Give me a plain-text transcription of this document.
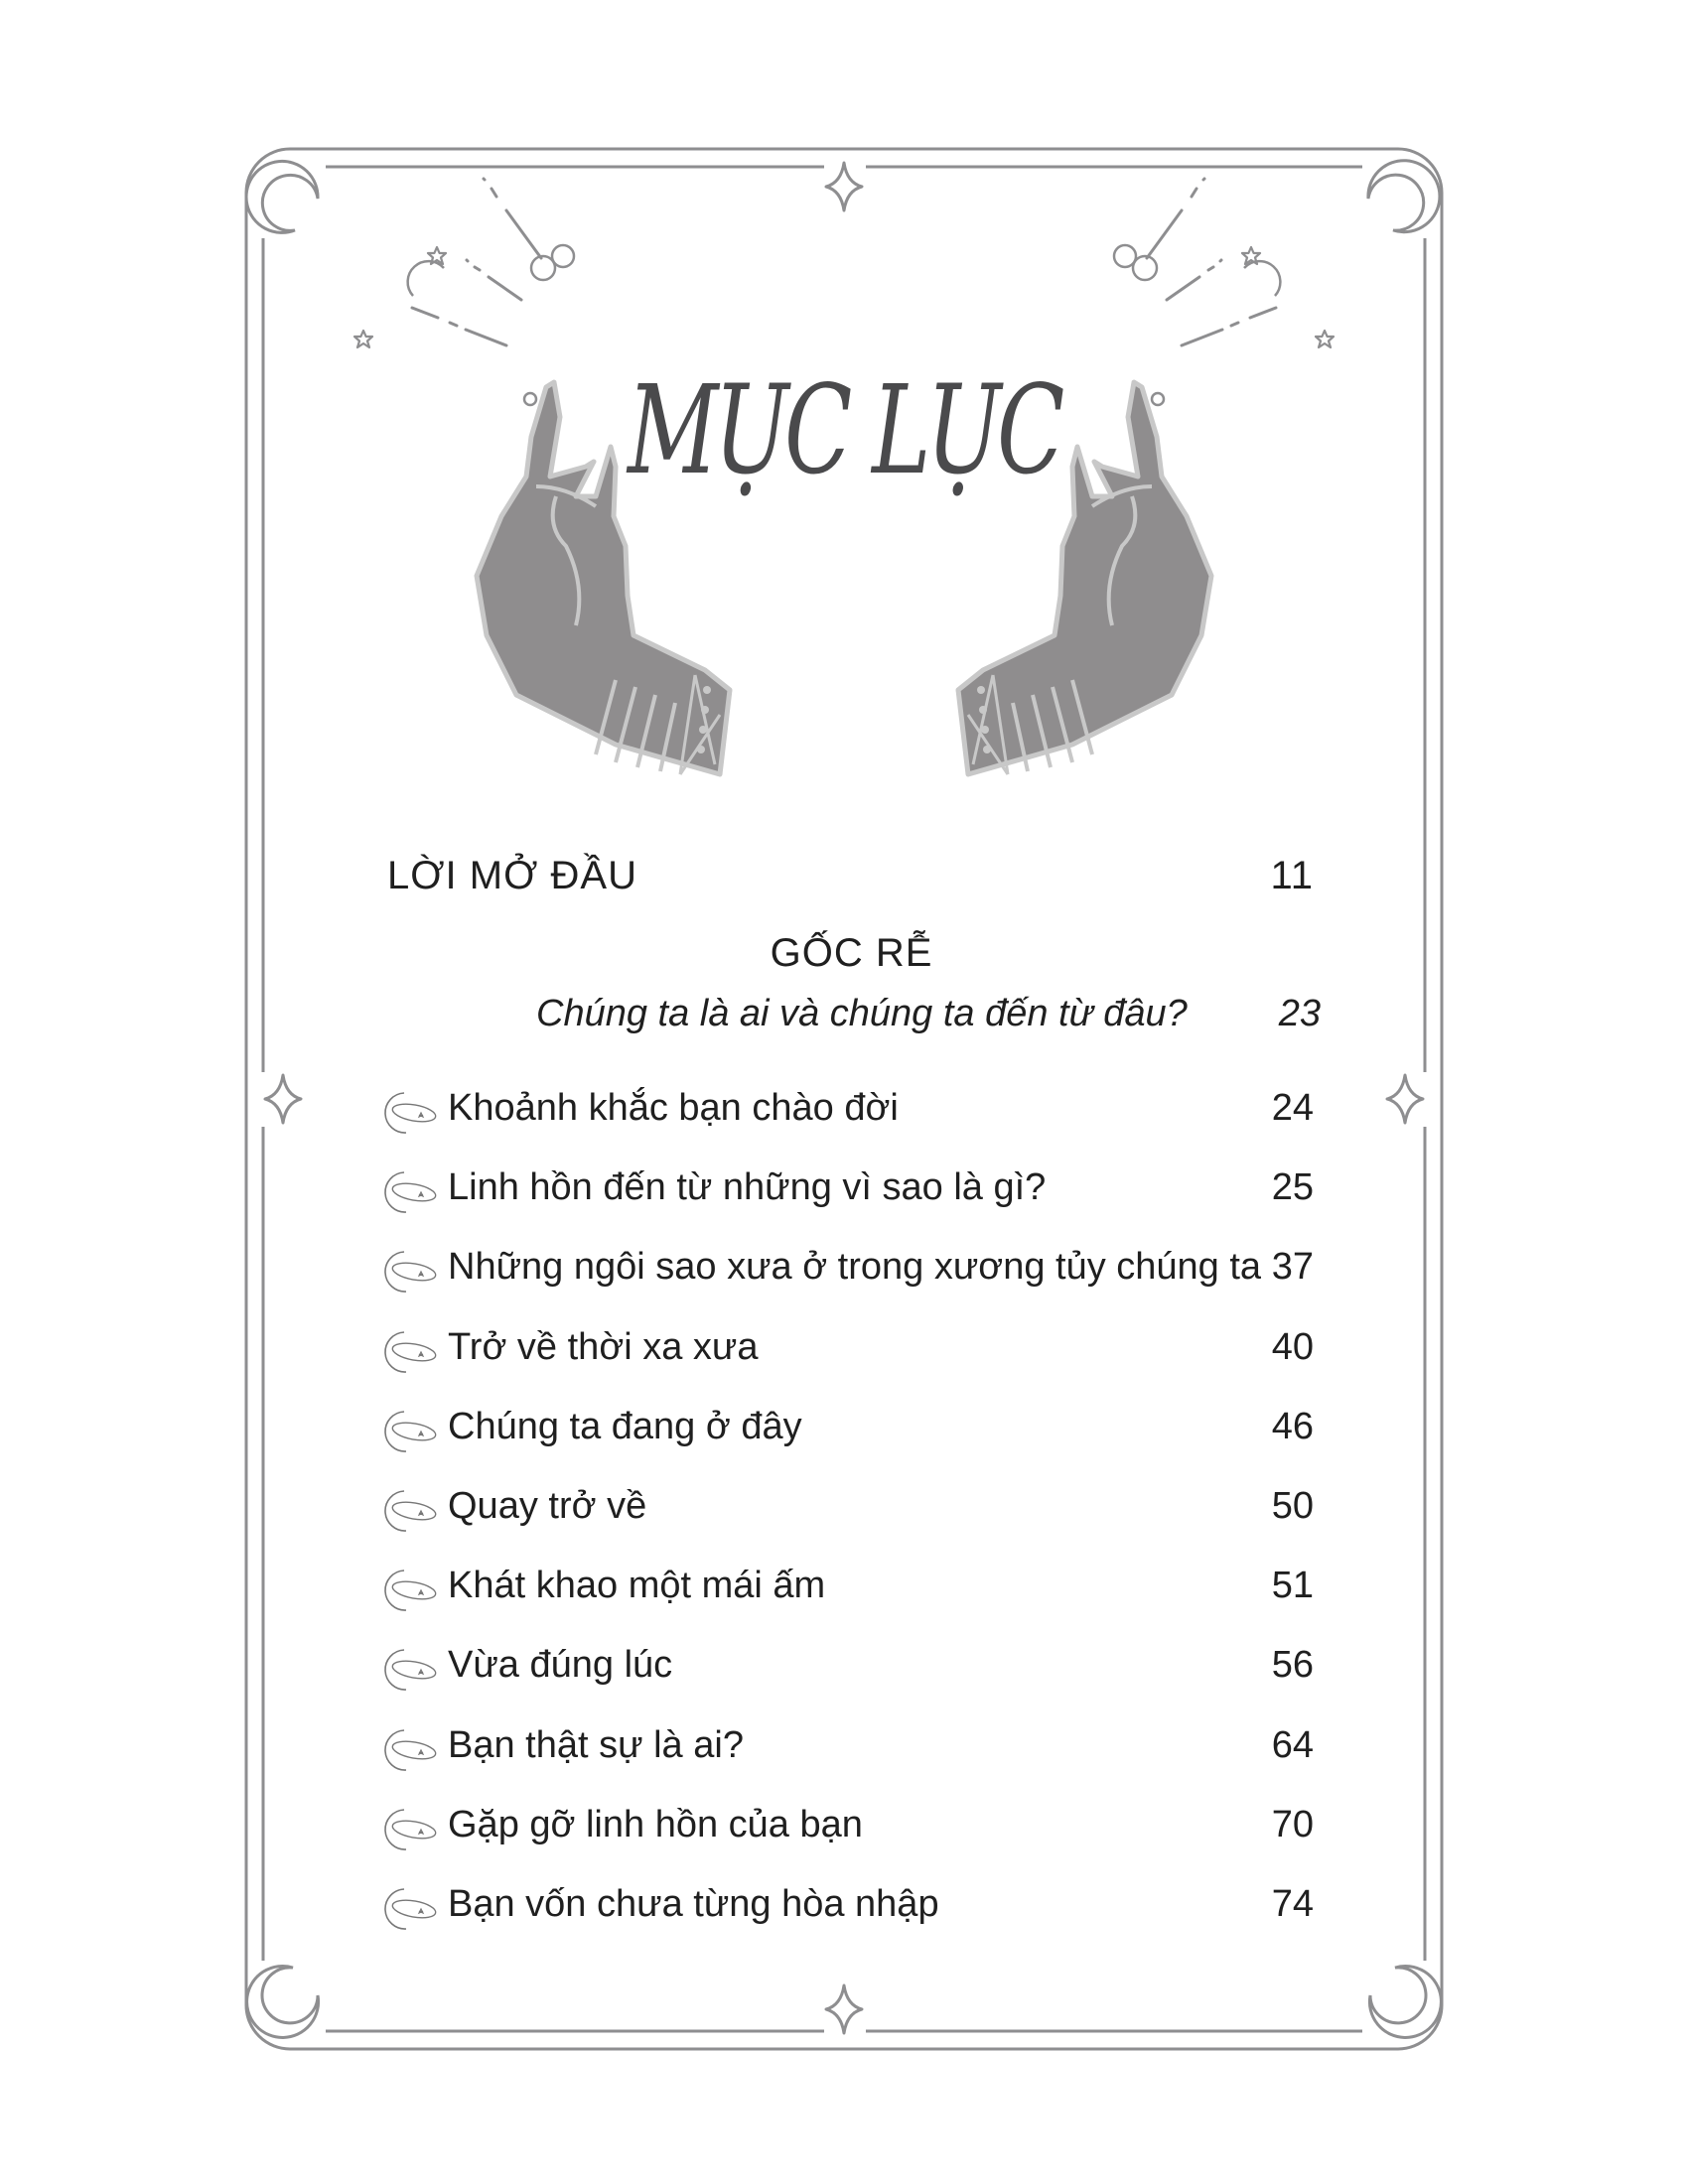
MỤC LỤC
LỜI MỞ ĐẦU	11
GỐC RỄ
Chúng ta là ai và chúng ta đến từ đâu? 23
Khoảnh khắc bạn chào đời	24
Linh hồn đến từ những vì sao là gì?	25
Những ngôi sao xưa ở trong xương tủy chúng ta 37
Trở về thời xa xưa	40
Chúng ta đang ở đây	46
Quay trở về	50
Khát khao một mái ấm	51
Vừa đúng lúc	56
Bạn thật sự là ai?	64
Gặp gỡ linh hồn của bạn	70
Bạn vốn chưa từng hòa nhập	74
